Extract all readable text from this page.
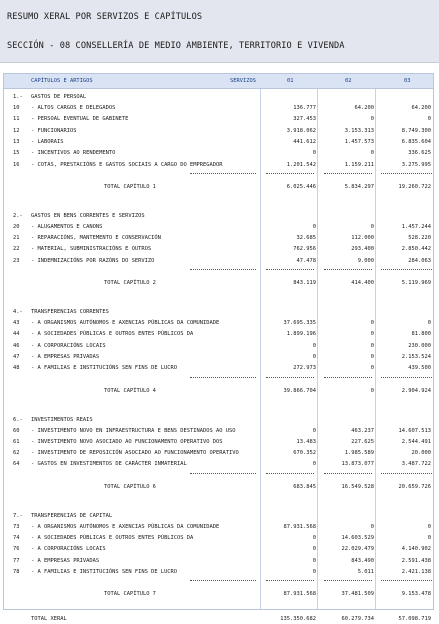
RESUMO XERAL POR SERVIZOS E CAPÍTULOS
SECCIÓN - 08 CONSELLERÍA DE MEDIO AMBIENTE, TERRITORIO E VIVENDA
CAPÍTULOS E ARTIGOS	SERVIZOS	01	02	03
1.- GASTOS DE PERSOAL
10 - ALTOS CARGOS E DELEGADOS	136.777	64.200	64.200
11 - PERSOAL EVENTUAL DE GABINETE	327.453	0	0
12 - FUNCIONARIOS	3.918.062	3.153.313	8.749.300
13 - LABORAIS	441.612	1.457.573	6.835.604
15 - INCENTIVOS AO RENDEMENTO	0	0	336.625
16 - COTAS, PRESTACIÓNS E GASTOS SOCIAIS A CARGO DO EMPREGADOR	1.201.542	1.159.211	3.275.995
TOTAL CAPÍTULO 1	6.025.446	5.834.297	19.260.722
2.- GASTOS EN BENS CORRENTES E SERVIZOS
20 - ALUGAMENTOS E CANONS	0	0	1.457.244
21 - REPARACIÓNS, MANTEMENTO E CONSERVACIÓN	32.685	112.000	528.220
22 - MATERIAL, SUBMINISTRACIÓNS E OUTROS	762.956	293.400	2.850.442
23 - INDEMNIZACIÓNS POR RAZÓNS DO SERVIZO	47.478	9.000	284.063
TOTAL CAPÍTULO 2	843.119	414.400	5.119.969
4.- TRANSFERENCIAS CORRENTES
43 - A ORGANISMOS AUTÓNOMOS E AXENCIAS PÚBLICAS DA COMUNIDADE	37.695.335	0	0
44 - A SOCIEDADES PÚBLICAS E OUTROS ENTES PÚBLICOS DA	1.899.196	0	81.800
46 - A CORPORACIÓNS LOCAIS	0	0	230.000
47 - A EMPRESAS PRIVADAS	0	0	2.153.524
48 - A FAMILIAS E INSTITUCIÓNS SEN FINS DE LUCRO	272.973	0	439.500
TOTAL CAPÍTULO 4	39.866.704	0	2.904.924
6.- INVESTIMENTOS REAIS
60 - INVESTIMENTO NOVO EN INFRAESTRUCTURA E BENS DESTINADOS AO USO	0	463.237	14.607.513
61 - INVESTIMENTO NOVO ASOCIADO AO FUNCIONAMENTO OPERATIVO DOS	13.483	227.625	2.544.491
62 - INVESTIMENTO DE REPOSICIÓN ASOCIADO AO FUNCIONAMENTO OPERATIVO	670.352	1.985.589	20.000
64 - GASTOS EN INVESTIMENTOS DE CARÁCTER INMATERIAL	0	13.873.077	3.487.722
TOTAL CAPÍTULO 6	683.845	16.549.528	20.659.726
7.- TRANSFERENCIAS DE CAPITAL
73 - A ORGANISMOS AUTÓNOMOS E AXENCIAS PÚBLICAS DA COMUNIDADE	87.931.568	0	0
74 - A SOCIEDADES PÚBLICAS E OUTROS ENTES PÚBLICOS DA	0	14.603.529	0
76 - A CORPORACIÓNS LOCAIS	0	22.029.479	4.140.902
77 - A EMPRESAS PRIVADAS	0	843.490	2.591.438
78 - A FAMILIAS E INSTITUCIÓNS SEN FINS DE LUCRO	0	5.011	2.421.138
TOTAL CAPÍTULO 7	87.931.568	37.481.509	9.153.478
TOTAL XERAL	135.350.682	60.279.734	57.098.719
